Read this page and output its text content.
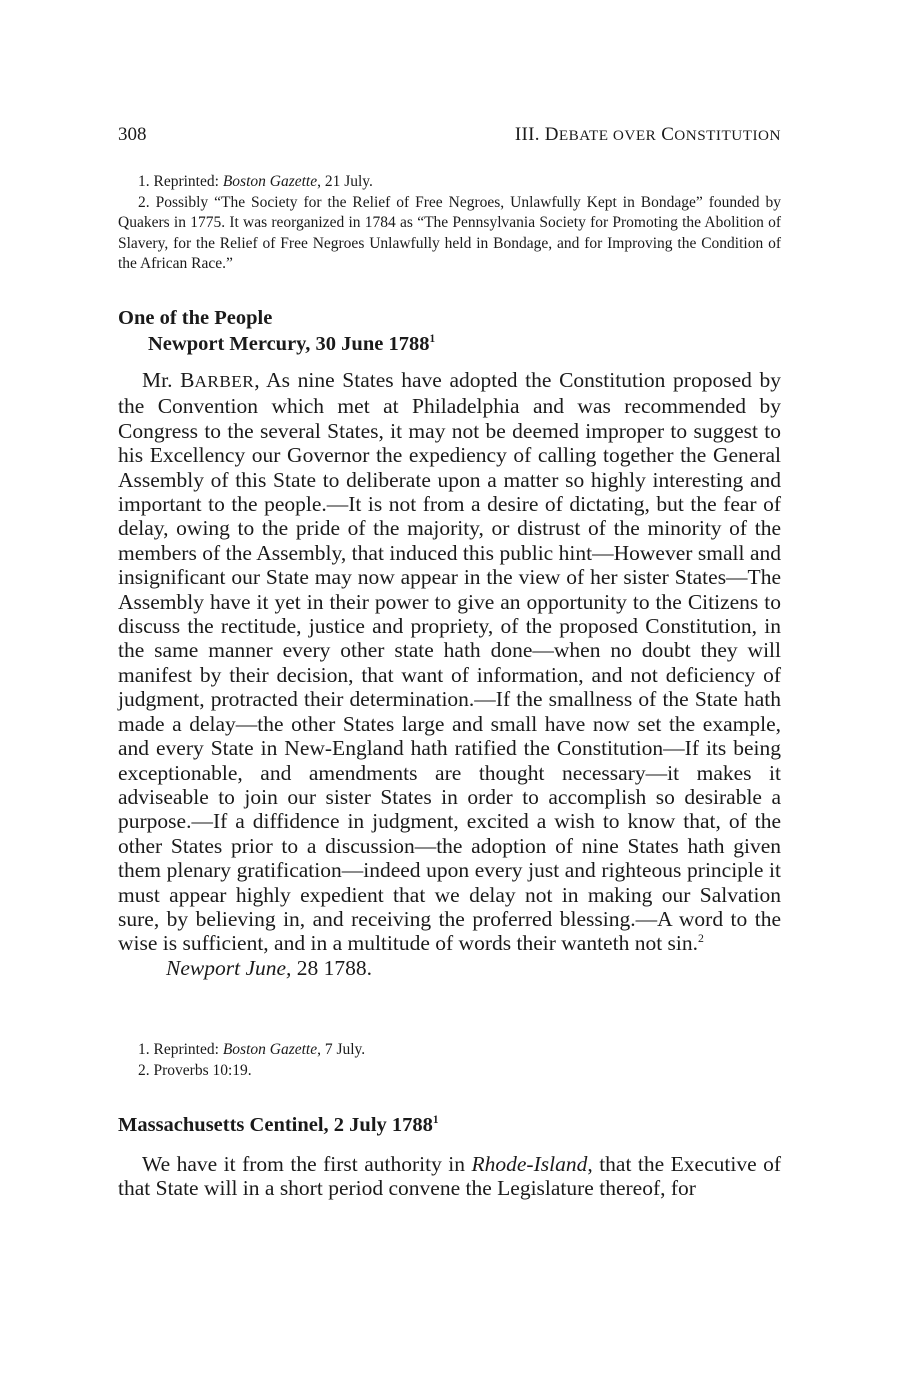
308	III. DEBATE OVER CONSTITUTION

1. Reprinted: Boston Gazette, 21 July.

2. Possibly “The Society for the Relief of Free Negroes, Unlawfully Kept in Bondage” founded by Quakers in 1775. It was reorganized in 1784 as “The Pennsylvania Society for Promoting the Abolition of Slavery, for the Relief of Free Negroes Unlawfully held in Bondage, and for Improving the Condition of the African Race.”

One of the People
Newport Mercury, 30 June 1788$^1$

Mr. BARBER, As nine States have adopted the Constitution proposed by the Convention which met at Philadelphia and was recommended by Congress to the several States, it may not be deemed improper to suggest to his Excellency our Governor the expediency of calling together the General Assembly of this State to deliberate upon a matter so highly interesting and important to the people.—It is not from a desire of dictating, but the fear of delay, owing to the pride of the majority, or distrust of the minority of the members of the Assembly, that induced this public hint—However small and insignificant our State may now appear in the view of her sister States—The Assembly have it yet in their power to give an opportunity to the Citizens to discuss the rectitude, justice and propriety, of the proposed Constitution, in the same manner every other state hath done—when no doubt they will manifest by their decision, that want of information, and not deficiency of judgment, protracted their determination.—If the smallness of the State hath made a delay—the other States large and small have now set the example, and every State in New-England hath ratified the Constitution—If its being exceptionable, and amendments are thought necessary—it makes it adviseable to join our sister States in order to accomplish so desirable a purpose.—If a diffidence in judgment, excited a wish to know that, of the other States prior to a discussion—the adoption of nine States hath given them plenary gratification—indeed upon every just and righteous principle it must appear highly expedient that we delay not in making our Salvation sure, by believing in, and receiving the proferred blessing.—A word to the wise is sufficient, and in a multitude of words their wanteth not sin.$^2$

Newport June, 28 1788.

1. Reprinted: Boston Gazette, 7 July.

2. Proverbs 10:19.

Massachusetts Centinel, 2 July 1788$^1$

We have it from the first authority in Rhode-Island, that the Executive of that State will in a short period convene the Legislature thereof, for
